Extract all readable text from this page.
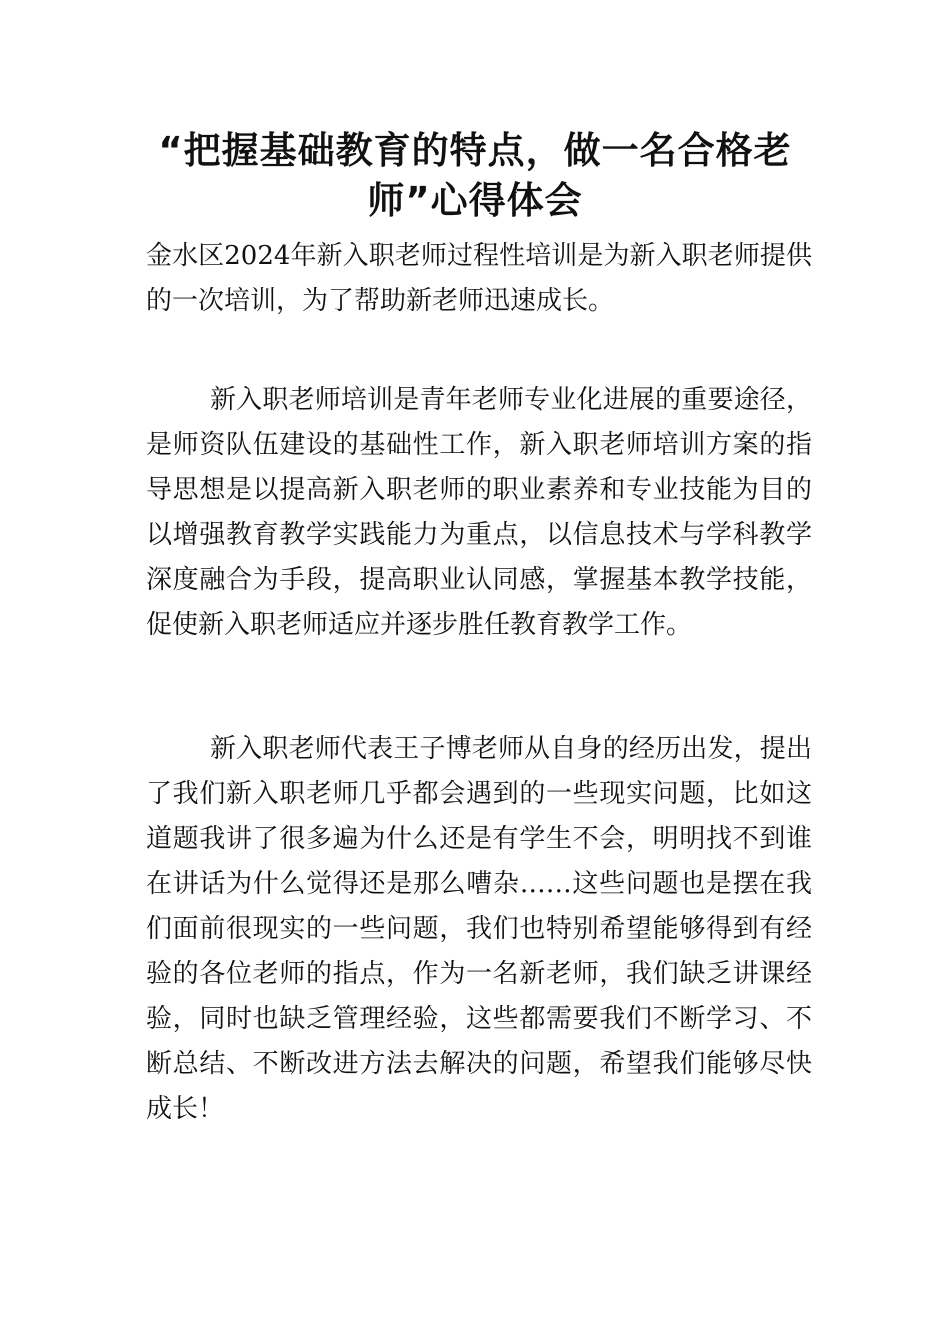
“把握基础教育的特点，做一名合格老师”心得体会

金水区2024年新入职老师过程性培训是为新入职老师提供的一次培训，为了帮助新老师迅速成长。

新入职老师培训是青年老师专业化进展的重要途径，是师资队伍建设的基础性工作，新入职老师培训方案的指导思想是以提高新入职老师的职业素养和专业技能为目的以增强教育教学实践能力为重点，以信息技术与学科教学深度融合为手段，提高职业认同感，掌握基本教学技能，促使新入职老师适应并逐步胜任教育教学工作。

新入职老师代表王子博老师从自身的经历出发，提出了我们新入职老师几乎都会遇到的一些现实问题，比如这道题我讲了很多遍为什么还是有学生不会，明明找不到谁在讲话为什么觉得还是那么嘈杂……这些问题也是摆在我们面前很现实的一些问题，我们也特别希望能够得到有经验的各位老师的指点，作为一名新老师，我们缺乏讲课经验，同时也缺乏管理经验，这些都需要我们不断学习、不断总结、不断改进方法去解决的问题，希望我们能够尽快成长！
